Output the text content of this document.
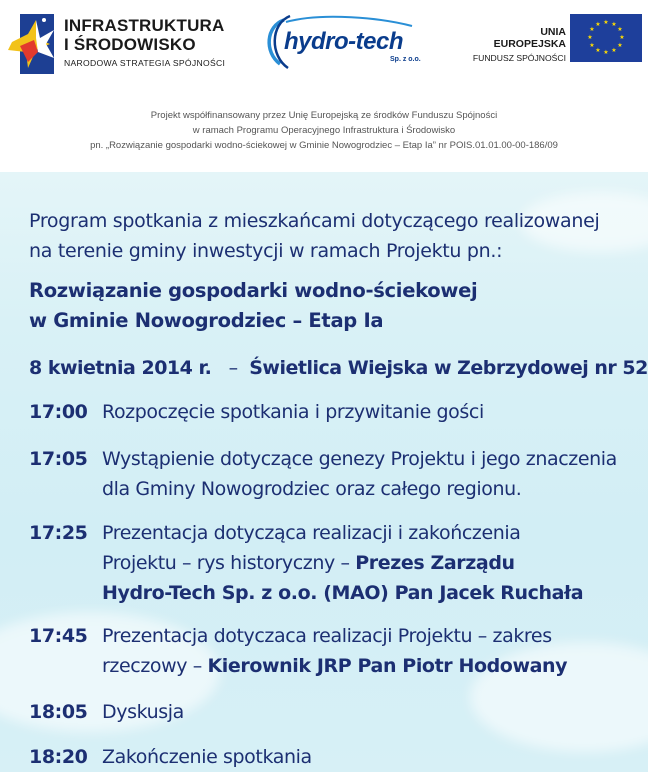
INFRASTRUKTURA
I ŚRODOWISKO
NARODOWA STRATEGIA SPÓJNOŚCI
hydro-tech
Sp. z o.o.
UNIA EUROPEJSKA
FUNDUSZ SPÓJNOŚCI
★ ★
★
★
★
★
★
★
★
★
★
★
Projekt współfinansowany przez Unię Europejską ze środków Funduszu Spójności
w ramach Programu Operacyjnego Infrastruktura i Środowisko
pn. „Rozwiązanie gospodarki wodno-ściekowej w Gminie Nowogrodziec – Etap Ia” nr POIS.01.01.00-00-186/09
Program spotkania z mieszkańcami dotyczącego realizowanej
na terenie gminy inwestycji w ramach Projektu pn.:
Rozwiązanie gospodarki wodno-ściekowej
w Gminie Nowogrodziec – Etap Ia
8 kwietnia 2014 r. – Świetlica Wiejska w Zebrzydowej nr 52
17:00 Rozpoczęcie spotkania i przywitanie gości
17:05 Wystąpienie dotyczące genezy Projektu i jego znaczenia
dla Gminy Nowogrodziec oraz całego regionu.
17:25 Prezentacja dotycząca realizacji i zakończenia
Projektu – rys historyczny – Prezes Zarządu
Hydro-Tech Sp. z o.o. (MAO) Pan Jacek Ruchała
17:45 Prezentacja dotyczaca realizacji Projektu – zakres
rzeczowy – Kierownik JRP Pan Piotr Hodowany
18:05 Dyskusja
18:20 Zakończenie spotkania
